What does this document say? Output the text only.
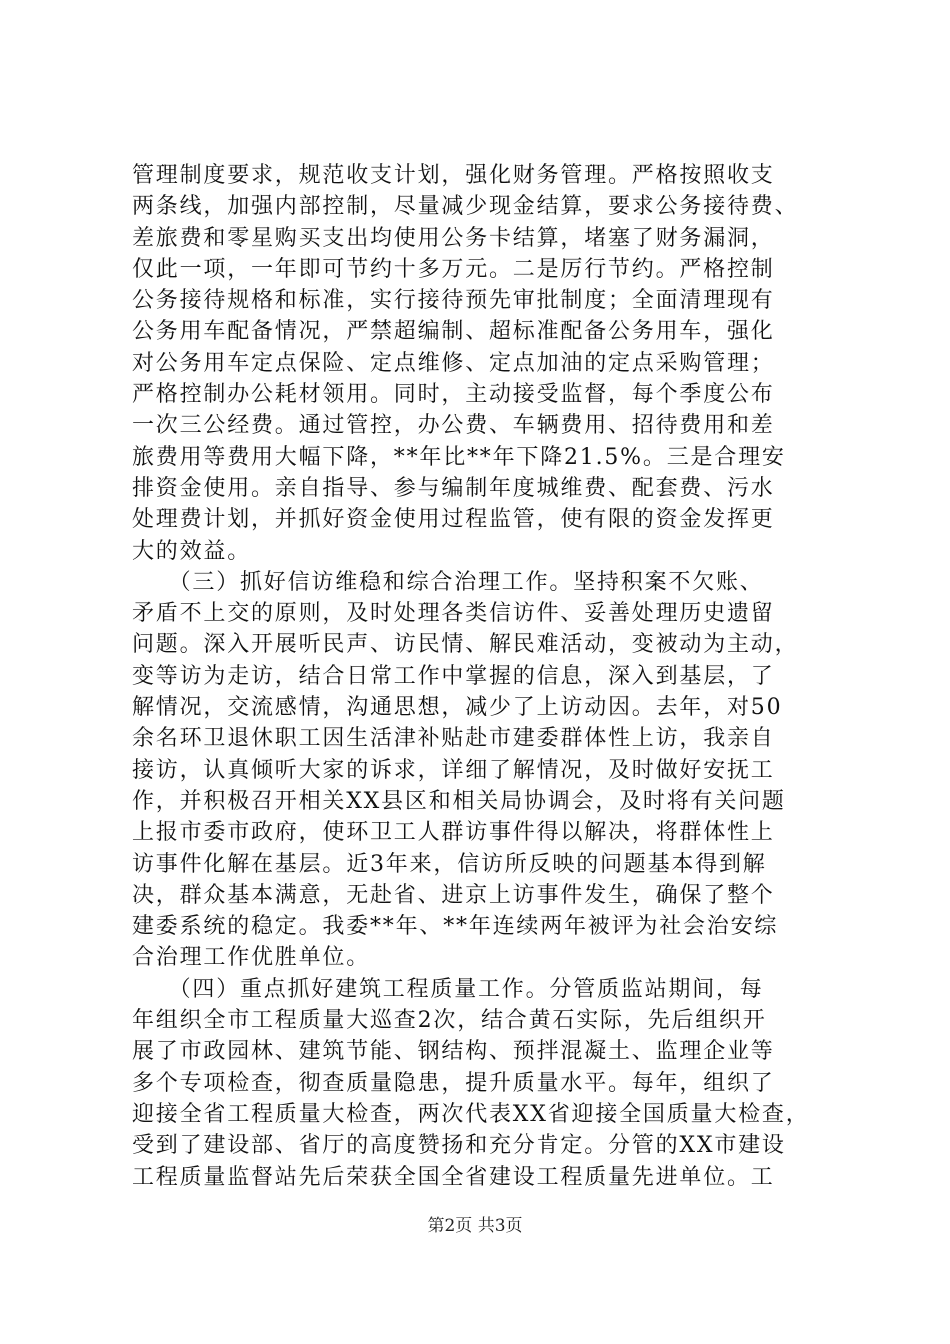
管理制度要求，规范收支计划，强化财务管理。严格按照收支
两条线，加强内部控制，尽量减少现金结算，要求公务接待费、
差旅费和零星购买支出均使用公务卡结算，堵塞了财务漏洞，
仅此一项，一年即可节约十多万元。二是厉行节约。严格控制
公务接待规格和标准，实行接待预先审批制度；全面清理现有
公务用车配备情况，严禁超编制、超标准配备公务用车，强化
对公务用车定点保险、定点维修、定点加油的定点采购管理；
严格控制办公耗材领用。同时，主动接受监督，每个季度公布
一次三公经费。通过管控，办公费、车辆费用、招待费用和差
旅费用等费用大幅下降，**年比**年下降21.5%。三是合理安
排资金使用。亲自指导、参与编制年度城维费、配套费、污水
处理费计划，并抓好资金使用过程监管，使有限的资金发挥更
大的效益。
　　（三）抓好信访维稳和综合治理工作。坚持积案不欠账、
矛盾不上交的原则，及时处理各类信访件、妥善处理历史遗留
问题。深入开展听民声、访民情、解民难活动，变被动为主动，
变等访为走访，结合日常工作中掌握的信息，深入到基层，了
解情况，交流感情，沟通思想，减少了上访动因。去年，对50
余名环卫退休职工因生活津补贴赴市建委群体性上访，我亲自
接访，认真倾听大家的诉求，详细了解情况，及时做好安抚工
作，并积极召开相关XX县区和相关局协调会，及时将有关问题
上报市委市政府，使环卫工人群访事件得以解决，将群体性上
访事件化解在基层。近3年来，信访所反映的问题基本得到解
决，群众基本满意，无赴省、进京上访事件发生，确保了整个
建委系统的稳定。我委**年、**年连续两年被评为社会治安综
合治理工作优胜单位。
　　（四）重点抓好建筑工程质量工作。分管质监站期间，每
年组织全市工程质量大巡查2次，结合黄石实际，先后组织开
展了市政园林、建筑节能、钢结构、预拌混凝土、监理企业等
多个专项检查，彻查质量隐患，提升质量水平。每年，组织了
迎接全省工程质量大检查，两次代表XX省迎接全国质量大检查，
受到了建设部、省厅的高度赞扬和充分肯定。分管的XX市建设
工程质量监督站先后荣获全国全省建设工程质量先进单位。工
第2页 共3页
